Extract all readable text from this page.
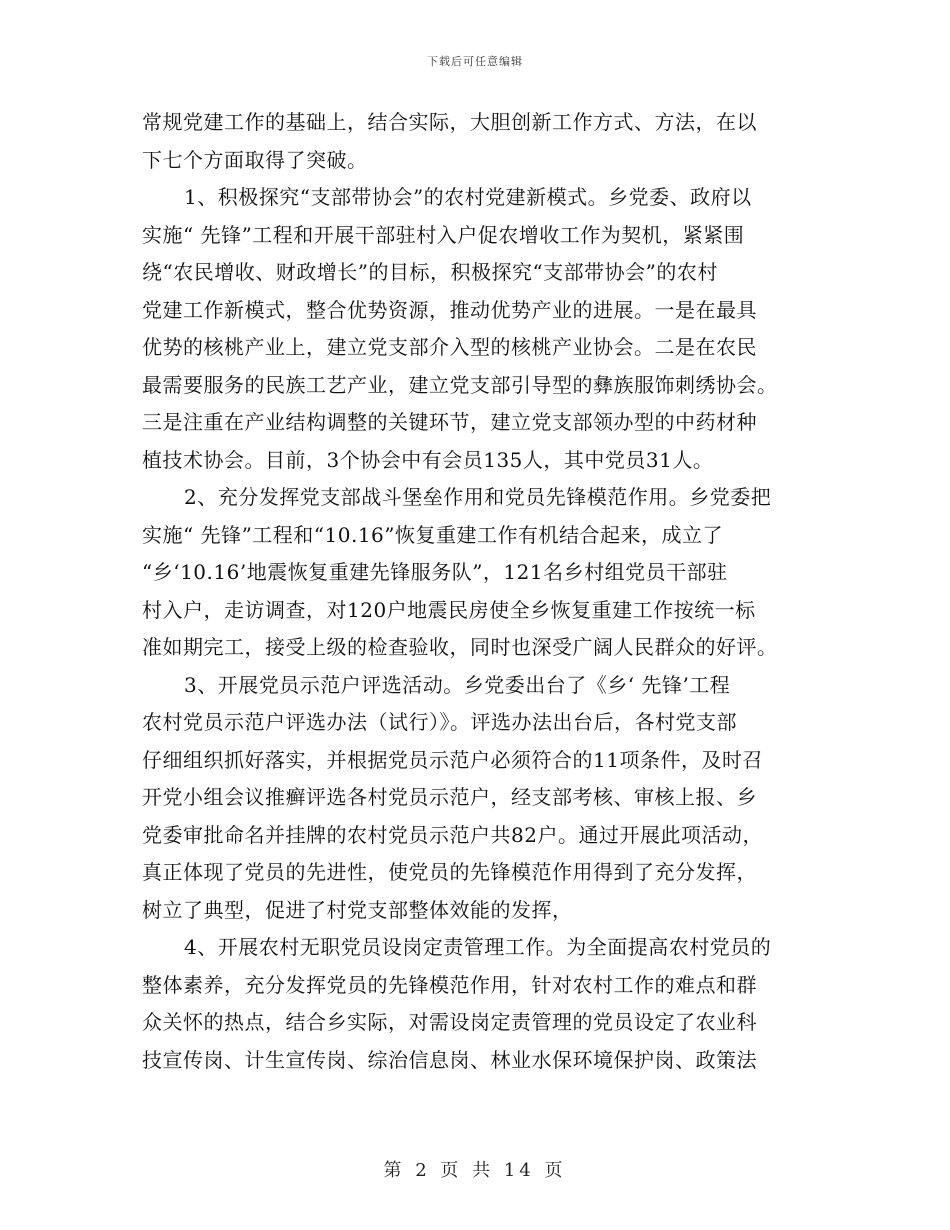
下载后可任意编辑

常规党建工作的基础上，结合实际，大胆创新工作方式、方法，在以
下七个方面取得了突破。

1、积极探究“支部带协会”的农村党建新模式。乡党委、政府以
实施“ 先锋”工程和开展干部驻村入户促农增收工作为契机，紧紧围
绕“农民增收、财政增长”的目标，积极探究“支部带协会”的农村
党建工作新模式，整合优势资源，推动优势产业的进展。一是在最具
优势的核桃产业上，建立党支部介入型的核桃产业协会。二是在农民
最需要服务的民族工艺产业，建立党支部引导型的彝族服饰刺绣协会。
三是注重在产业结构调整的关键环节，建立党支部领办型的中药材种
植技术协会。目前，3个协会中有会员135人，其中党员31人。

2、充分发挥党支部战斗堡垒作用和党员先锋模范作用。乡党委把
实施“ 先锋”工程和“10.16”恢复重建工作有机结合起来，成立了
“乡‘10.16’地震恢复重建先锋服务队”，121名乡村组党员干部驻
村入户，走访调查，对120户地震民房使全乡恢复重建工作按统一标
准如期完工，接受上级的检查验收，同时也深受广阔人民群众的好评。

3、开展党员示范户评选活动。乡党委出台了《乡‘ 先锋’工程
农村党员示范户评选办法（试行）》。评选办法出台后，各村党支部
仔细组织抓好落实，并根据党员示范户必须符合的11项条件，及时召
开党小组会议推癣评选各村党员示范户，经支部考核、审核上报、乡
党委审批命名并挂牌的农村党员示范户共82户。通过开展此项活动，
真正体现了党员的先进性，使党员的先锋模范作用得到了充分发挥，
树立了典型，促进了村党支部整体效能的发挥，

4、开展农村无职党员设岗定责管理工作。为全面提高农村党员的
整体素养，充分发挥党员的先锋模范作用，针对农村工作的难点和群
众关怀的热点，结合乡实际，对需设岗定责管理的党员设定了农业科
技宣传岗、计生宣传岗、综治信息岗、林业水保环境保护岗、政策法

第 2 页 共 14 页
